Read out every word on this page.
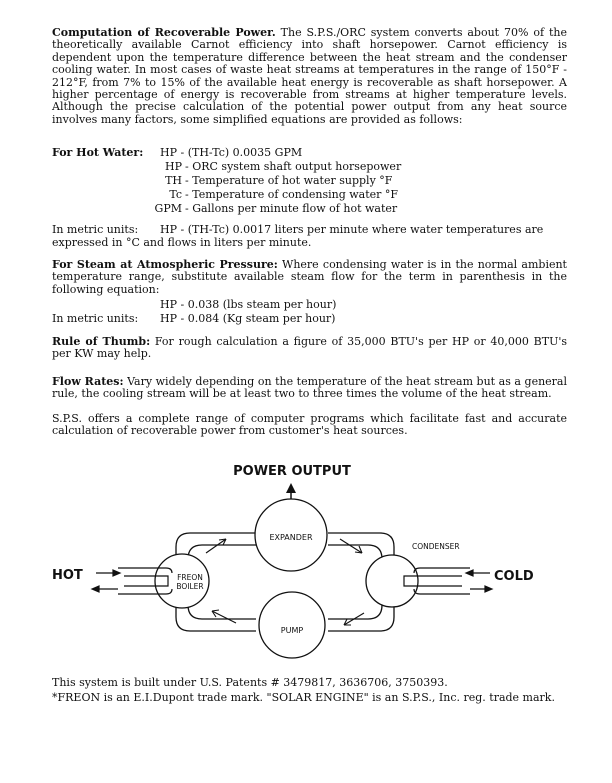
Computation of Recoverable Power. The S.P.S./ORC system converts about 70% of the theoretically available Carnot efficiency into shaft horsepower. Carnot efficiency is dependent upon the temperature difference between the heat stream and the condenser cooling water. In most cases of waste heat streams at temperatures in the range of 150°F - 212°F, from 7% to 15% of the available heat energy is recoverable as shaft horsepower. A higher percentage of energy is recoverable from streams at higher temperature levels. Although the precise calculation of the potential power output from any heat source involves many factors, some simplified equations are provided as follows:

For Hot Water: HP - (TH-Tc) 0.0035 GPM
HP - ORC system shaft output horsepower
TH - Temperature of hot water supply °F
Tc - Temperature of condensing water °F
GPM - Gallons per minute flow of hot water
In metric units: HP - (TH-Tc) 0.0017 liters per minute where water temperatures are
expressed in °C and flows in liters per minute.

For Steam at Atmospheric Pressure: Where condensing water is in the normal ambient temperature range, substitute available steam flow for the term in parenthesis in the following equation:

HP - 0.038 (lbs steam per hour)
In metric units: HP - 0.084 (Kg steam per hour)

Rule of Thumb: For rough calculation a figure of 35,000 BTU's per HP or 40,000 BTU's per KW may help.

Flow Rates: Vary widely depending on the temperature of the heat stream but as a general rule, the cooling stream will be at least two to three times the volume of the heat stream.

S.P.S. offers a complete range of computer programs which facilitate fast and accurate calculation of recoverable power from customer's heat sources.

POWER OUTPUT
EXPANDER
PUMP
FREON
BOILER
CONDENSER
HOT	COLD
This system is built under U.S. Patents # 3479817, 3636706, 3750393.
*FREON is an E.I.Dupont trade mark. "SOLAR ENGINE" is an S.P.S., Inc. reg. trade mark.
